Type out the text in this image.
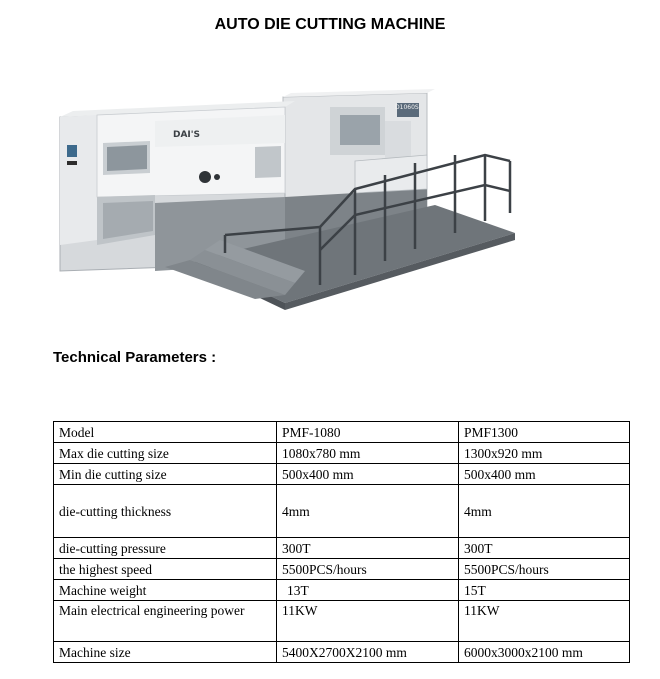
AUTO DIE CUTTING MACHINE
DAI'S
D1060S
Technical Parameters :
Model	PMF-1080	PMF1300
Max die cutting size	1080x780 mm	1300x920 mm
Min die cutting size	500x400 mm	500x400 mm
die-cutting thickness	4mm	4mm
die-cutting pressure	300T	300T
the highest speed	5500PCS/hours	5500PCS/hours
Machine weight	13T	15T
Main electrical engineering power	11KW	11KW
Machine size	5400X2700X2100 mm	6000x3000x2100 mm
